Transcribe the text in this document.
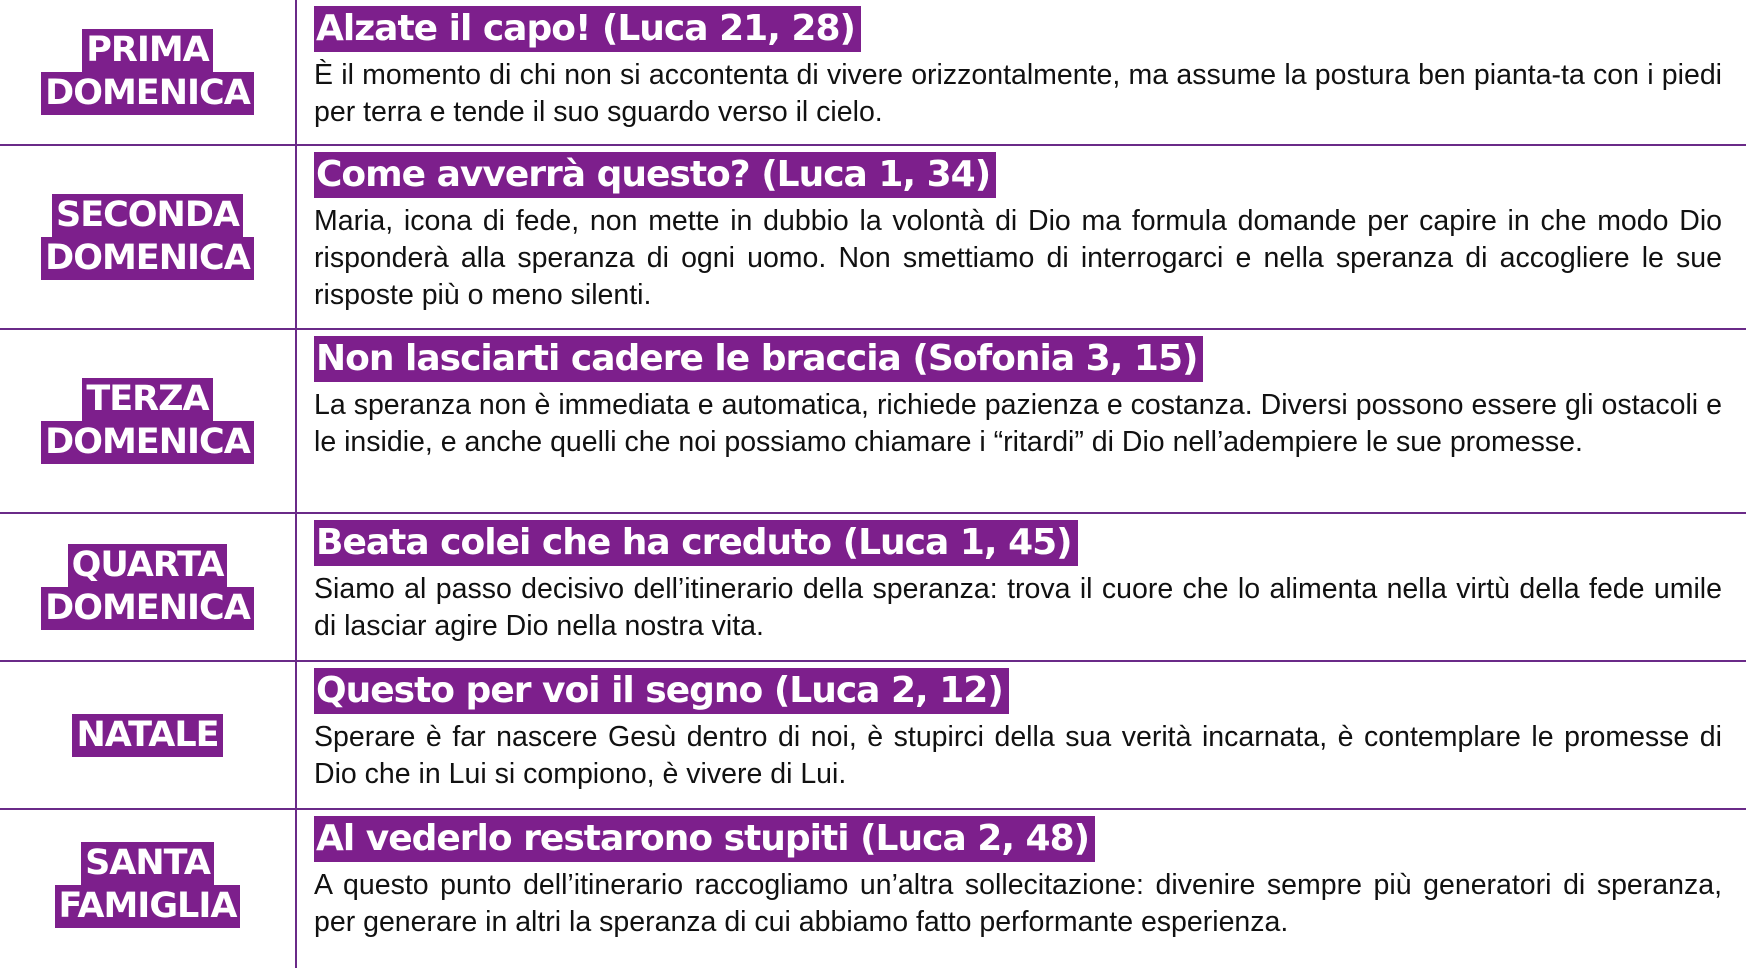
PRIMA
DOMENICA
Alzate il capo! (Luca 21, 28)
È il momento di chi non si accontenta di vivere orizzontalmente, ma assume la postura ben pianta-ta con i piedi per terra e tende il suo sguardo verso il cielo.
SECONDA
DOMENICA
Come avverrà questo? (Luca 1, 34)
Maria, icona di fede, non mette in dubbio la volontà di Dio ma formula domande per capire in che modo Dio risponderà alla speranza di ogni uomo. Non smettiamo di interrogarci e nella speranza di accogliere le sue risposte più o meno silenti.
TERZA
DOMENICA
Non lasciarti cadere le braccia (Sofonia 3, 15)
La speranza non è immediata e automatica, richiede pazienza e costanza. Diversi possono essere gli ostacoli e le insidie, e anche quelli che noi possiamo chiamare i “ritardi” di Dio nell’adempiere le sue promesse.
QUARTA
DOMENICA
Beata colei che ha creduto (Luca 1, 45)
Siamo al passo decisivo dell’itinerario della speranza: trova il cuore che lo alimenta nella virtù della fede umile di lasciar agire Dio nella nostra vita.
NATALE
Questo per voi il segno (Luca 2, 12)
Sperare è far nascere Gesù dentro di noi, è stupirci della sua verità incarnata, è contemplare le promesse di Dio che in Lui si compiono, è vivere di Lui.
SANTA
FAMIGLIA
Al vederlo restarono stupiti (Luca 2, 48)
A questo punto dell’itinerario raccogliamo un’altra sollecitazione: divenire sempre più generatori di speranza, per generare in altri la speranza di cui abbiamo fatto performante esperienza.
